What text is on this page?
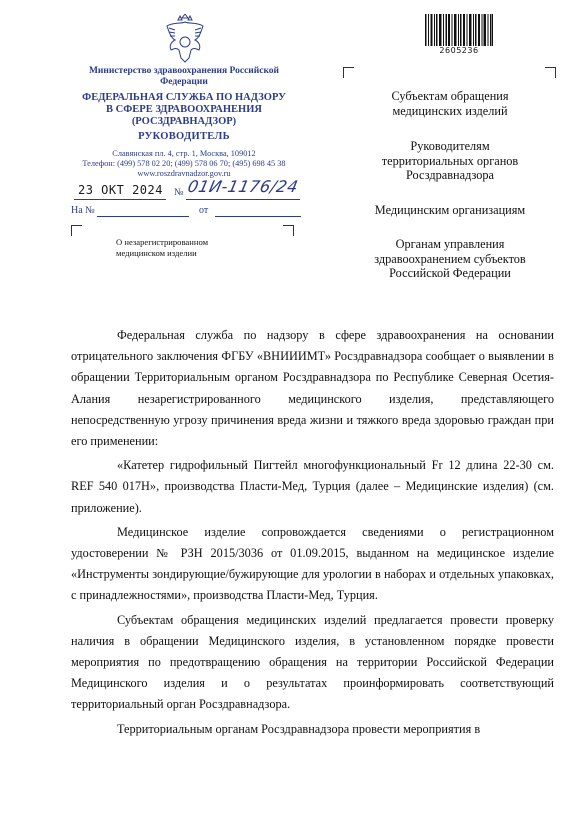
Министерство здравоохранения Российской Федерации
ФЕДЕРАЛЬНАЯ СЛУЖБА ПО НАДЗОРУ
В СФЕРЕ ЗДРАВООХРАНЕНИЯ
(РОСЗДРАВНАДЗОР)
РУКОВОДИТЕЛЬ
Славянская пл. 4, стр. 1, Москва, 109012
Телефон: (499) 578 02 20; (499) 578 06 70; (495) 698 45 38
www.roszdravnadzor.gov.ru
23 ОКТ 2024 № 01И-1176/24
На №	от
О незарегистрированном
медицинском изделии
2605236
Субъектам обращения
медицинских изделий
Руководителям
территориальных органов
Росздравнадзора
Медицинским организациям
Органам управления
здравоохранением субъектов
Российской Федерации

Федеральная служба по надзору в сфере здравоохранения на основании отрицательного заключения ФГБУ «ВНИИИМТ» Росздравнадзора сообщает о выявлении в обращении Территориальным органом Росздравнадзора по Республике Северная Осетия-Алания незарегистрированного медицинского изделия, представляющего непосредственную угрозу причинения вреда жизни и тяжкого вреда здоровью граждан при его применении:

«Катетер гидрофильный Пигтейл многофункциональный Fr 12 длина 22-30 см. REF 540 017H», производства Пласти-Мед, Турция (далее – Медицинские изделия) (см. приложение).

Медицинское изделие сопровождается сведениями о регистрационном удостоверении № РЗН 2015/3036 от 01.09.2015, выданном на медицинское изделие «Инструменты зондирующие/бужирующие для урологии в наборах и отдельных упаковках, с принадлежностями», производства Пласти-Мед, Турция.

Субъектам обращения медицинских изделий предлагается провести проверку наличия в обращении Медицинского изделия, в установленном порядке провести мероприятия по предотвращению обращения на территории Российской Федерации Медицинского изделия и о результатах проинформировать соответствующий территориальный орган Росздравнадзора.

Территориальным органам Росздравнадзора провести мероприятия в
